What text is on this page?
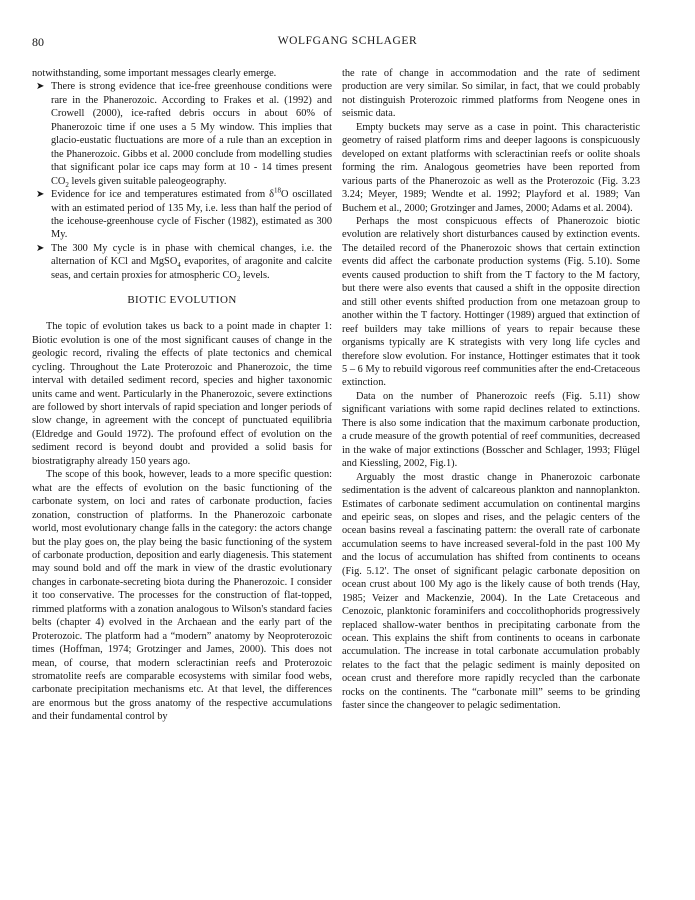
80	WOLFGANG SCHLAGER

notwithstanding, some important messages clearly emerge.

➤ There is strong evidence that ice-free greenhouse conditions were rare in the Phanerozoic. According to Frakes et al. (1992) and Crowell (2000), ice-rafted debris occurs in about 60% of Phanerozoic time if one uses a 5 My window. This implies that glacio-eustatic fluctuations are more of a rule than an exception in the Phanerozoic. Gibbs et al. 2000 conclude from modelling studies that significant polar ice caps may form at 10 - 14 times present $CO_2$ levels given suitable paleogeography.
➤ Evidence for ice and temperatures estimated from $\delta^{18}O$ oscillated with an estimated period of 135 My, i.e. less than half the period of the icehouse-greenhouse cycle of Fischer (1982), estimated as 300 My.
➤ The 300 My cycle is in phase with chemical changes, i.e. the alternation of KCl and MgSO$_4$ evaporites, of aragonite and calcite seas, and certain proxies for atmospheric $CO_2$ levels.
BIOTIC EVOLUTION

The topic of evolution takes us back to a point made in chapter 1: Biotic evolution is one of the most significant causes of change in the geologic record, rivaling the effects of plate tectonics and chemical cycling. Throughout the Late Proterozoic and Phanerozoic, the time interval with detailed sediment record, species and higher taxonomic units came and went. Particularly in the Phanerozoic, severe extinctions are followed by short intervals of rapid speciation and longer periods of slow change, in agreement with the concept of punctuated equilibria (Eldredge and Gould 1972). The profound effect of evolution on the sediment record is beyond doubt and provided a solid basis for biostratigraphy already 150 years ago.

The scope of this book, however, leads to a more specific question: what are the effects of evolution on the basic functioning of the carbonate system, on loci and rates of carbonate production, facies zonation, construction of platforms. In the Phanerozoic carbonate world, most evolutionary change falls in the category: the actors change but the play goes on, the play being the basic functioning of the system of carbonate production, deposition and early diagenesis. This statement may sound bold and off the mark in view of the drastic evolutionary changes in carbonate-secreting biota during the Phanerozoic. I consider it too conservative. The processes for the construction of flat-topped, rimmed platforms with a zonation analogous to Wilson's standard facies belts (chapter 4) evolved in the Archaean and the early part of the Proterozoic. The platform had a “modern” anatomy by Neoproterozoic times (Hoffman, 1974; Grotzinger and James, 2000). This does not mean, of course, that modern scleractinian reefs and Proterozoic stromatolite reefs are comparable ecosystems with similar food webs, carbonate precipitation mechanisms etc. At that level, the differences are enormous but the gross anatomy of the respective accumulations and their fundamental control by

the rate of change in accommodation and the rate of sediment production are very similar. So similar, in fact, that we could probably not distinguish Proterozoic rimmed platforms from Neogene ones in seismic data.

Empty buckets may serve as a case in point. This characteristic geometry of raised platform rims and deeper lagoons is conspicuously developed on extant platforms with scleractinian reefs or oolite shoals forming the rim. Analogous geometries have been reported from various parts of the Phanerozoic as well as the Proterozoic (Fig. 3.23 3.24; Meyer, 1989; Wendte et al. 1992; Playford et al. 1989; Van Buchem et al., 2000; Grotzinger and James, 2000; Adams et al. 2004).

Perhaps the most conspicuous effects of Phanerozoic biotic evolution are relatively short disturbances caused by extinction events. The detailed record of the Phanerozoic shows that certain extinction events did affect the carbonate production systems (Fig. 5.10). Some events caused production to shift from the T factory to the M factory, but there were also events that caused a shift in the opposite direction and still other events shifted production from one metazoan group to another within the T factory. Hottinger (1989) argued that extinction of reef builders may take millions of years to repair because these organisms typically are K strategists with very long life cycles and therefore slow evolution. For instance, Hottinger estimates that it took 5 – 6 My to rebuild vigorous reef communities after the end-Cretaceous extinction.

Data on the number of Phanerozoic reefs (Fig. 5.11) show significant variations with some rapid declines related to extinctions. There is also some indication that the maximum carbonate production, a crude measure of the growth potential of reef communities, decreased in the wake of major extinctions (Bosscher and Schlager, 1993; Flügel and Kiessling, 2002, Fig.1).

Arguably the most drastic change in Phanerozoic carbonate sedimentation is the advent of calcareous plankton and nannoplankton. Estimates of carbonate sediment accumulation on continental margins and epeiric seas, on slopes and rises, and the pelagic centers of the ocean basins reveal a fascinating pattern: the overall rate of carbonate accumulation seems to have increased several-fold in the past 100 My and the locus of accumulation has shifted from continents to oceans (Fig. 5.12'. The onset of significant pelagic carbonate deposition on ocean crust about 100 My ago is the likely cause of both trends (Hay, 1985; Veizer and Mackenzie, 2004). In the Late Cretaceous and Cenozoic, planktonic foraminifers and coccolithophorids progressively replaced shallow-water benthos in precipitating carbonate from the ocean. This explains the shift from continents to oceans in carbonate accumulation. The increase in total carbonate accumulation probably relates to the fact that the pelagic sediment is mainly deposited on ocean crust and therefore more rapidly recycled than the carbonate rocks on the continents. The “carbonate mill” seems to be grinding faster since the changeover to pelagic sedimentation.
